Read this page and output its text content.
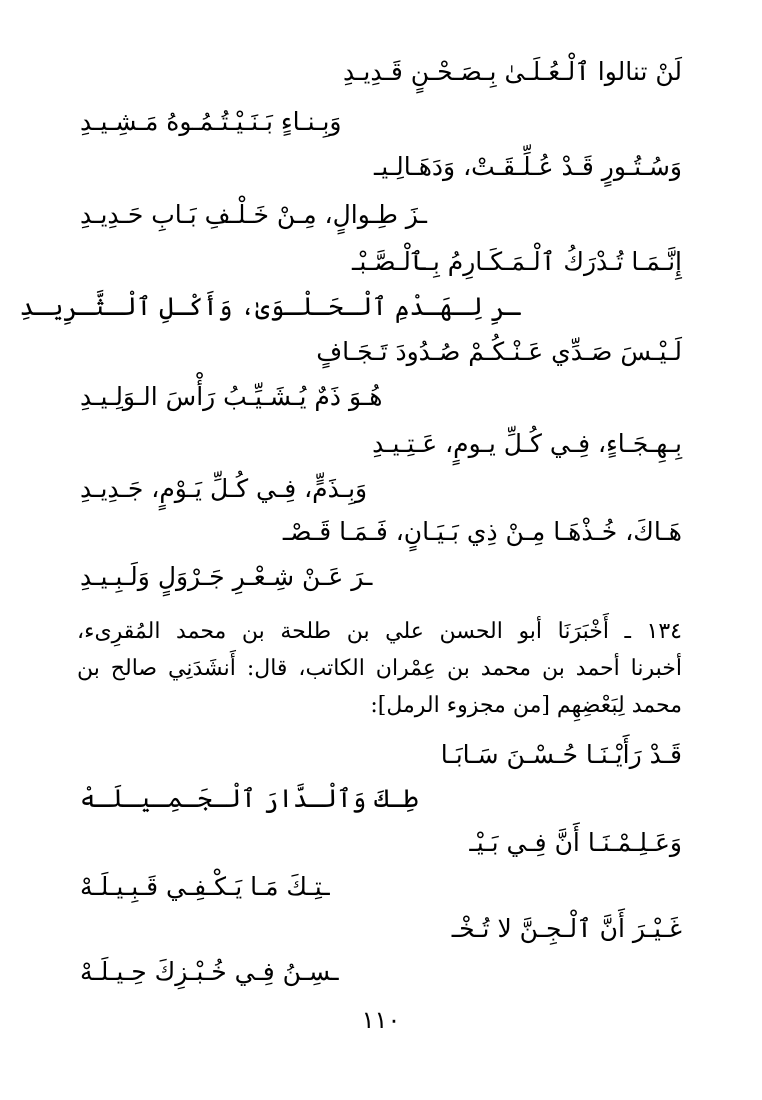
لَنْ تنالوا ٱلْـعُـلَـىٰ بِـصَـحْـنٍ قَـدِيـدِ
وَبِـنـاءٍ بَـنَـيْـتُـمُـوهُ مَـشِـيـدِ
وَسُـتُـورٍ قَـدْ عُـلِّـقَـتْ، وَدَهَـالِـيـ
ـزَ طِـوالٍ، مِـنْ خَـلْـفِ بَـابِ حَـدِيـدِ
إِنَّـمَـا تُـدْرَكُ ٱلْـمَـكَـارِمُ بِـٱلْـصَّـبْـ
ـرِ لِـهَـدْمِ ٱلْـحَـلْـوَىٰ، وَأَكْـلِ ٱلْـثَّـرِيـدِ
لَـيْـسَ صَـدِّي عَـنْـكُـمْ صُـدُودَ تَـجَـافٍ
هُـوَ ذَمٌ يُـشَـيِّـبُ رَأْسَ الـوَلِـيـدِ
بِـهِـجَـاءٍ، فِـي كُـلِّ يـومٍ، عَـتِـيـدِ
وَبِـذَمٍّ، فِـي كُـلِّ يَـوْمٍ، جَـدِيـدِ
هَـاكَ، خُـذْهَـا مِـنْ ذِي بَـيَـانٍ، فَـمَـا قَـصْـ
ـرَ عَـنْ شِـعْـرِ جَـرْوَلٍ وَلَـبِـيـدِ
١٣٤ ـ أَخْبَرَنَا أبو الحسن علي بن طلحة بن محمد المُقرِىء،
أخبرنا أحمد بن محمد بن عِمْران الكاتب، قال: أَنشَدَنِي صالح بن
محمد لِبَعْضِهِم [من مجزوء الرمل]:
قَـدْ رَأَيْـنَـا حُـسْـنَ سَـابَـا
طِـكَ وَٱلْـدَّارَ ٱلْـجَـمِـيـلَـهْ
وَعَـلِـمْـنَـا أَنَّ فِـي بَـيْـ
ـتِـكَ مَـا يَـكْـفِـي قَـبِـيـلَـهْ
غَـيْـرَ أَنَّ ٱلْـجِـنَّ لا تُـخْـ
ـسِـنُ فِـي خُـبْـزِكَ حِـيـلَـهْ
١١٠
